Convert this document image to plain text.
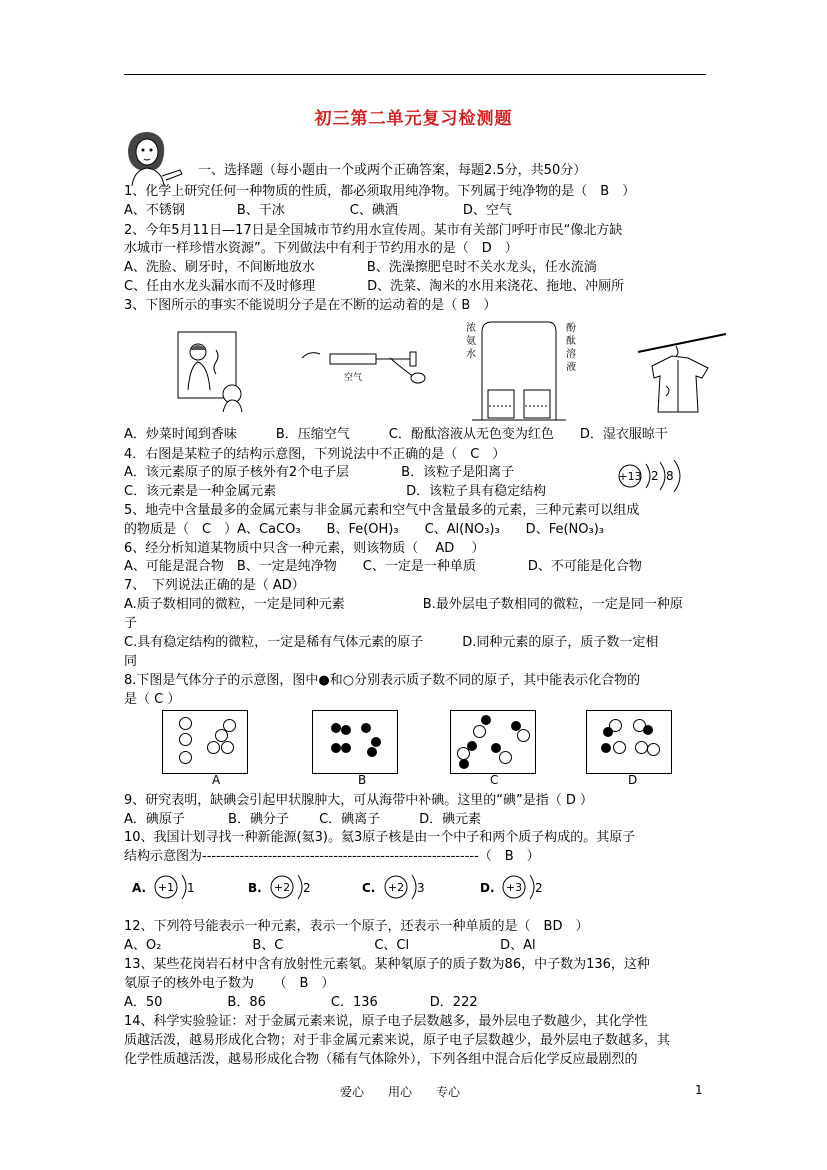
初三第二单元复习检测题
一、选择题（每小题由一个或两个正确答案，每题2.5分，共50分）
1、化学上研究任何一种物质的性质，都必须取用纯净物。下列属于纯净物的是（　B　）
A、不锈钢　　　　B、干冰　　　　　C、碘酒　　　　　D、空气
2、今年5月11日—17日是全国城市节约用水宣传周。某市有关部门呼吁市民“像北方缺
水城市一样珍惜水资源”。下列做法中有利于节约用水的是（　D　）
A、洗脸、刷牙时，不间断地放水　　　　B、洗澡擦肥皂时不关水龙头，任水流淌
C、任由水龙头漏水而不及时修理　　　　D、洗菜、淘米的水用来浇花、拖地、冲厕所
3、下图所示的事实不能说明分子是在不断的运动着的是（ B　）
空气
浓氨水
酚酞溶液
A．炒菜时闻到香味　　　B．压缩空气　　　C．酚酞溶液从无色变为红色　　D．湿衣服晾干
4．右图是某粒子的结构示意图，下列说法中不正确的是（　C　）
A．该元素原子的原子核外有2个电子层　　　　B．该粒子是阳离子
C．该元素是一种金属元素　　　　　　　　　　D．该粒子具有稳定结构
+13 2 8
5、地壳中含量最多的金属元素与非金属元素和空气中含量最多的元素，三种元素可以组成
的物质是（　C　）A、CaCO₃　　B、Fe(OH)₃　　C、Al(NO₃)₃　　D、Fe(NO₃)₃
6、经分析知道某物质中只含一种元素，则该物质（　 AD　 ）
A、可能是混合物　B、一定是纯净物　　C、一定是一种单质　　　　D、不可能是化合物
7、　下列说法正确的是（ AD）
A.质子数相同的微粒，一定是同种元素　　　　　　B.最外层电子数相同的微粒，一定是同一种原
子
C.具有稳定结构的微粒，一定是稀有气体元素的原子　　　D.同种元素的原子，质子数一定相
同
8.下图是气体分子的示意图，图中●和○分别表示质子数不同的原子，其中能表示化合物的
是（ C ）
A	B	C	D
9、研究表明，缺碘会引起甲状腺肿大，可从海带中补碘。这里的“碘”是指（ D ）
A．碘原子　　　 B．碘分子　　 C．碘离子　　　D．碘元素
10、我国计划寻找一种新能源(氦3)。氦3原子核是由一个中子和两个质子构成的。其原子
结构示意图为-----------------------------------------------------------（　B　）
A. +1 1	B. +2 2	C. +2 3	D. +3 2
12、下列符号能表示一种元素，表示一个原子，还表示一种单质的是（　BD　）
A、O₂　　　　　　　B、C　　　　　　　C、Cl　　　　　　　D、Al
13、某些花岗岩石材中含有放射性元素氡。某种氡原子的质子数为86，中子数为136，这种
氡原子的核外电子数为　　（　B　）
A．50　　　　　B．86　　　　　C．136　　　　D．222
14、科学实验验证：对于金属元素来说，原子电子层数越多，最外层电子数越少，其化学性
质越活泼，越易形成化合物；对于非金属元素来说，原子电子层数越少，最外层电子数越多，其
化学性质越活泼，越易形成化合物（稀有气体除外），下列各组中混合后化学反应最剧烈的
爱心　　用心　　专心	1
